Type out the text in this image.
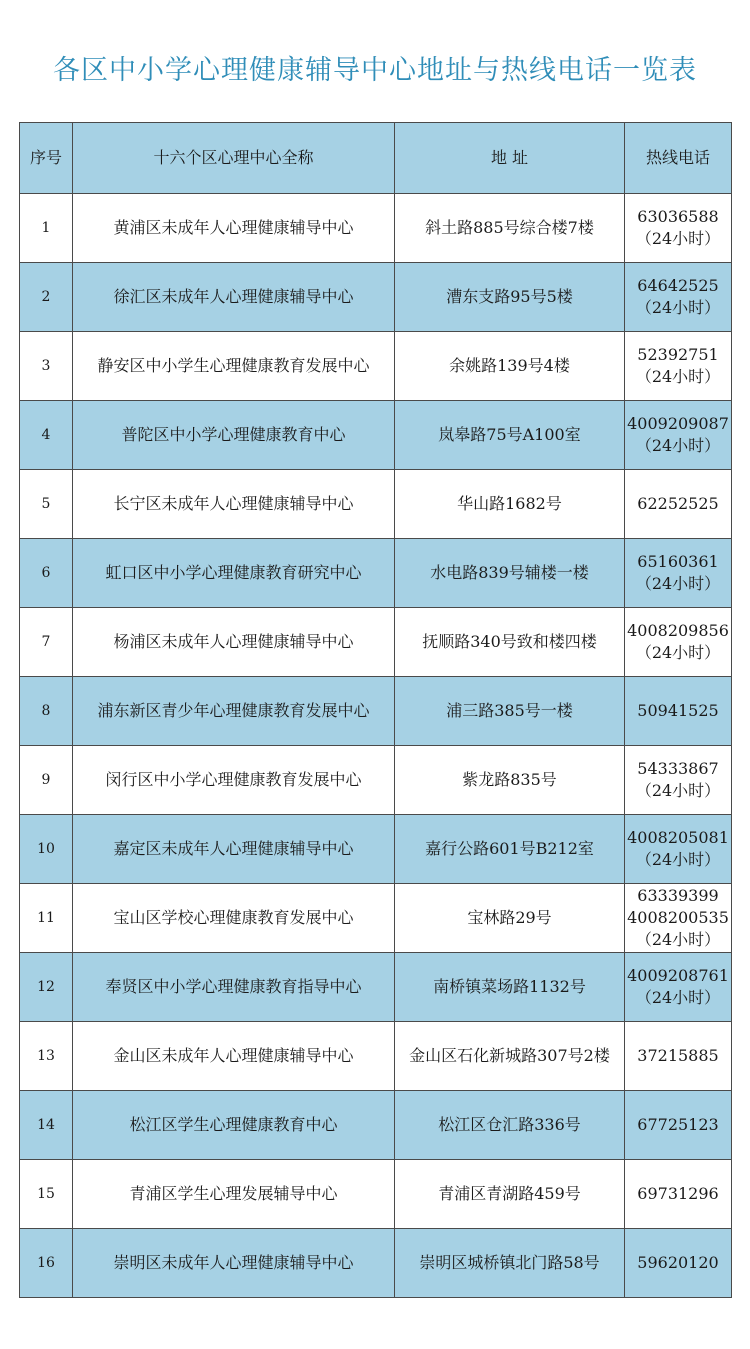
各区中小学心理健康辅导中心地址与热线电话一览表
序号	十六个区心理中心全称	地 址	热线电话
1	黄浦区未成年人心理健康辅导中心	斜土路885号综合楼7楼	63036588
（24小时）

2	徐汇区未成年人心理健康辅导中心	漕东支路95号5楼	64642525
（24小时）

3	静安区中小学生心理健康教育发展中心	余姚路139号4楼	52392751
（24小时）

4	普陀区中小学心理健康教育中心	岚皋路75号A100室	4009209087
（24小时）

5	长宁区未成年人心理健康辅导中心	华山路1682号	62252525

6	虹口区中小学心理健康教育研究中心	水电路839号辅楼一楼	65160361
（24小时）

7	杨浦区未成年人心理健康辅导中心	抚顺路340号致和楼四楼	4008209856
（24小时）

8	浦东新区青少年心理健康教育发展中心	浦三路385号一楼	50941525

9	闵行区中小学心理健康教育发展中心	紫龙路835号	54333867
（24小时）

10	嘉定区未成年人心理健康辅导中心	嘉行公路601号B212室	4008205081
（24小时）

11	宝山区学校心理健康教育发展中心	宝林路29号	63339399
4008200535
（24小时）

12	奉贤区中小学心理健康教育指导中心	南桥镇菜场路1132号	4009208761
（24小时）

13	金山区未成年人心理健康辅导中心	金山区石化新城路307号2楼	37215885

14	松江区学生心理健康教育中心	松江区仓汇路336号	67725123

15	青浦区学生心理发展辅导中心	青浦区青湖路459号	69731296

16	崇明区未成年人心理健康辅导中心	崇明区城桥镇北门路58号	59620120
